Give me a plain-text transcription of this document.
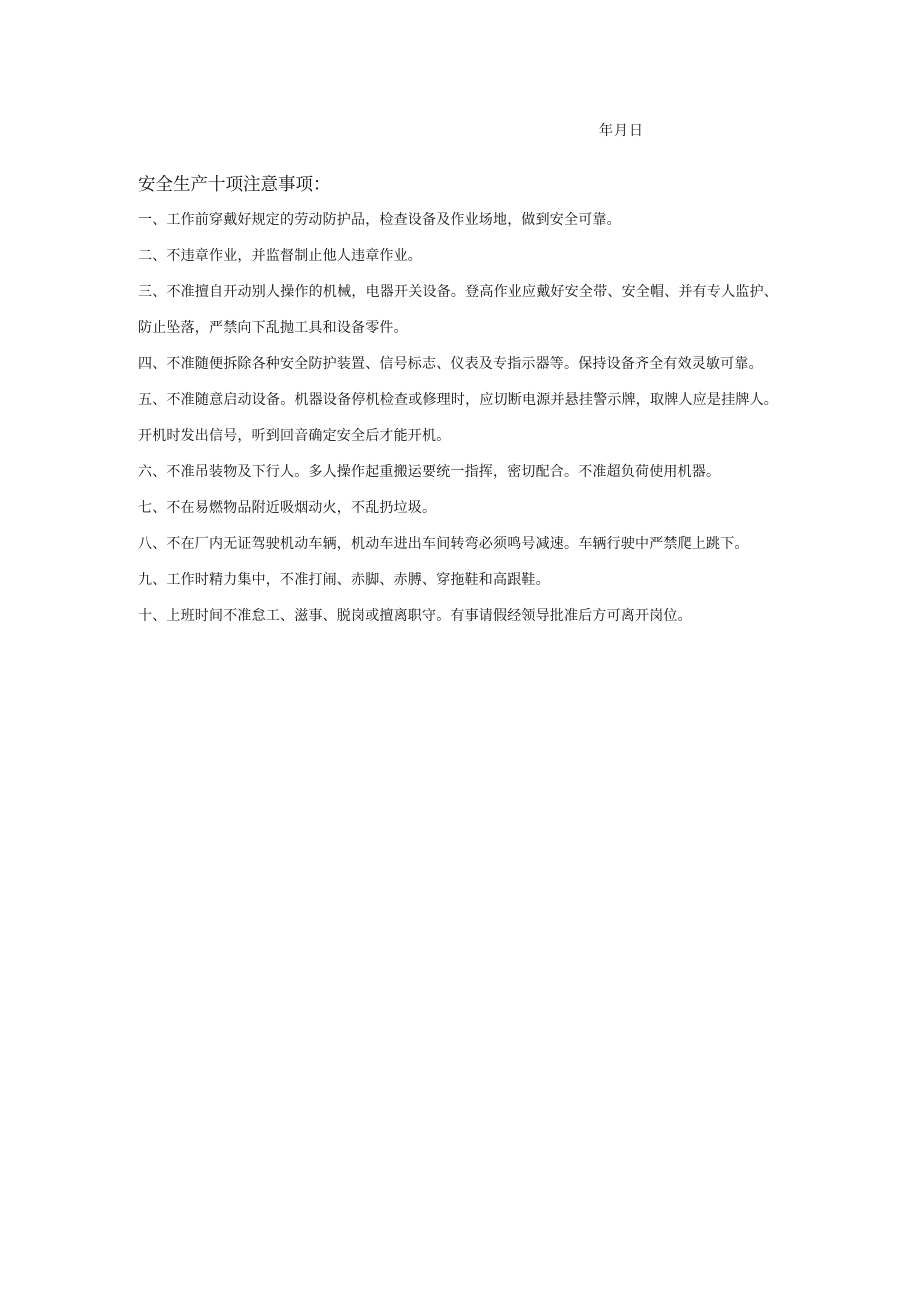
年月日
安全生产十项注意事项：

一、工作前穿戴好规定的劳动防护品，检查设备及作业场地，做到安全可靠。

二、不违章作业，并监督制止他人违章作业。

三、不准擅自开动别人操作的机械，电器开关设备。登高作业应戴好安全带、安全帽、并有专人监护、防止坠落，严禁向下乱抛工具和设备零件。

四、不准随便拆除各种安全防护装置、信号标志、仪表及专指示器等。保持设备齐全有效灵敏可靠。

五、不准随意启动设备。机器设备停机检查或修理时，应切断电源并悬挂警示牌，取牌人应是挂牌人。开机时发出信号，听到回音确定安全后才能开机。

六、不准吊装物及下行人。多人操作起重搬运要统一指挥，密切配合。不准超负荷使用机器。

七、不在易燃物品附近吸烟动火，不乱扔垃圾。

八、不在厂内无证驾驶机动车辆，机动车进出车间转弯必须鸣号减速。车辆行驶中严禁爬上跳下。

九、工作时精力集中，不准打闹、赤脚、赤膊、穿拖鞋和高跟鞋。

十、上班时间不准怠工、滋事、脱岗或擅离职守。有事请假经领导批准后方可离开岗位。
